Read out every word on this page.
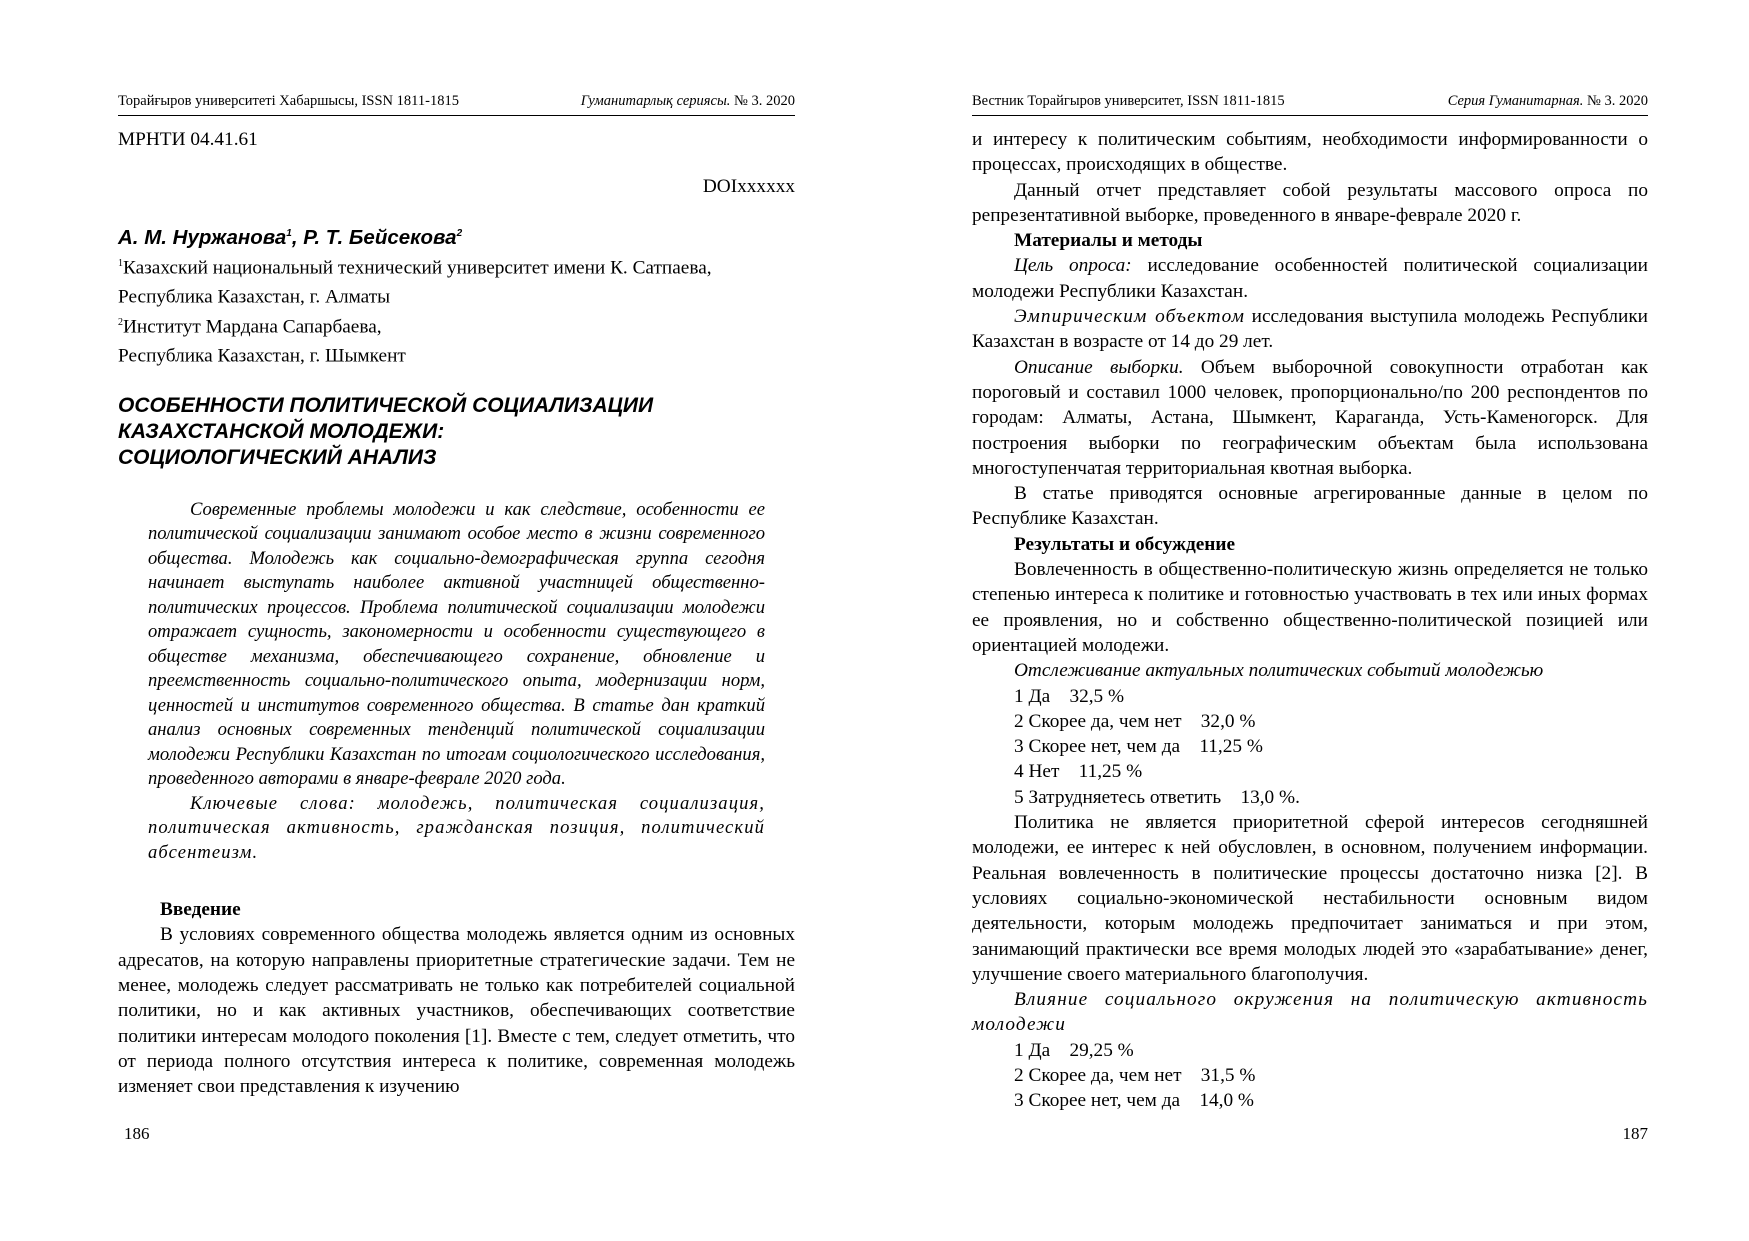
Торайғыров университеті Хабаршысы, ISSN 1811-1815	Гуманитарлық сериясы. № 3. 2020

МРНТИ 04.41.61

DOIxxxxxx

А. М. Нуржанова$^1$, Р. Т. Бейсекова$^2$

$^1$Казахский национальный технический университет имени К. Сатпаева,

Республика Казахстан, г. Алматы

$^2$Институт Мардана Сапарбаева,

Республика Казахстан, г. Шымкент

ОСОБЕННОСТИ ПОЛИТИЧЕСКОЙ СОЦИАЛИЗАЦИИ
КАЗАХСТАНСКОЙ МОЛОДЕЖИ:
СОЦИОЛОГИЧЕСКИЙ АНАЛИЗ

Современные проблемы молодежи и как следствие, особенности ее политической социализации занимают особое место в жизни современного общества. Молодежь как социально-демографическая группа сегодня начинает выступать наиболее активной участницей общественно-политических процессов. Проблема политической социализации молодежи отражает сущность, закономерности и особенности существующего в обществе механизма, обеспечивающего сохранение, обновление и преемственность социально-политического опыта, модернизации норм, ценностей и институтов современного общества. В статье дан краткий анализ основных современных тенденций политической социализации молодежи Республики Казахстан по итогам социологического исследования, проведенного авторами в январе-феврале 2020 года.

Ключевые слова: молодежь, политическая социализация, политическая активность, гражданская позиция, политический абсентеизм.

Введение

В условиях современного общества молодежь является одним из основных адресатов, на которую направлены приоритетные стратегические задачи. Тем не менее, молодежь следует рассматривать не только как потребителей социальной политики, но и как активных участников, обеспечивающих соответствие политики интересам молодого поколения [1]. Вместе с тем, следует отметить, что от периода полного отсутствия интереса к политике, современная молодежь изменяет свои представления к изучению

186
Вестник Торайгыров университет, ISSN 1811-1815	Серия Гуманитарная. № 3. 2020

и интересу к политическим событиям, необходимости информированности о процессах, происходящих в обществе.

Данный отчет представляет собой результаты массового опроса по репрезентативной выборке, проведенного в январе-феврале 2020 г.

Материалы и методы

Цель опроса: исследование особенностей политической социализации молодежи Республики Казахстан.

Эмпирическим объектом исследования выступила молодежь Республики Казахстан в возрасте от 14 до 29 лет.

Описание выборки. Объем выборочной совокупности отработан как пороговый и составил 1000 человек, пропорционально/по 200 респондентов по городам: Алматы, Астана, Шымкент, Караганда, Усть-Каменогорск. Для построения выборки по географическим объектам была использована многоступенчатая территориальная квотная выборка.

В статье приводятся основные агрегированные данные в целом по Республике Казахстан.

Результаты и обсуждение

Вовлеченность в общественно-политическую жизнь определяется не только степенью интереса к политике и готовностью участвовать в тех или иных формах ее проявления, но и собственно общественно-политической позицией или ориентацией молодежи.

Отслеживание актуальных политических событий молодежью

1 Да    32,5 %

2 Скорее да, чем нет    32,0 %

3 Скорее нет, чем да    11,25 %

4 Нет    11,25 %

5 Затрудняетесь ответить    13,0 %.

Политика не является приоритетной сферой интересов сегодняшней молодежи, ее интерес к ней обусловлен, в основном, получением информации. Реальная вовлеченность в политические процессы достаточно низка [2]. В условиях социально-экономической нестабильности основным видом деятельности, которым молодежь предпочитает заниматься и при этом, занимающий практически все время молодых людей это «зарабатывание» денег, улучшение своего материального благополучия.

Влияние социального окружения на политическую активность молодежи

1 Да    29,25 %

2 Скорее да, чем нет    31,5 %

3 Скорее нет, чем да    14,0 %

187
